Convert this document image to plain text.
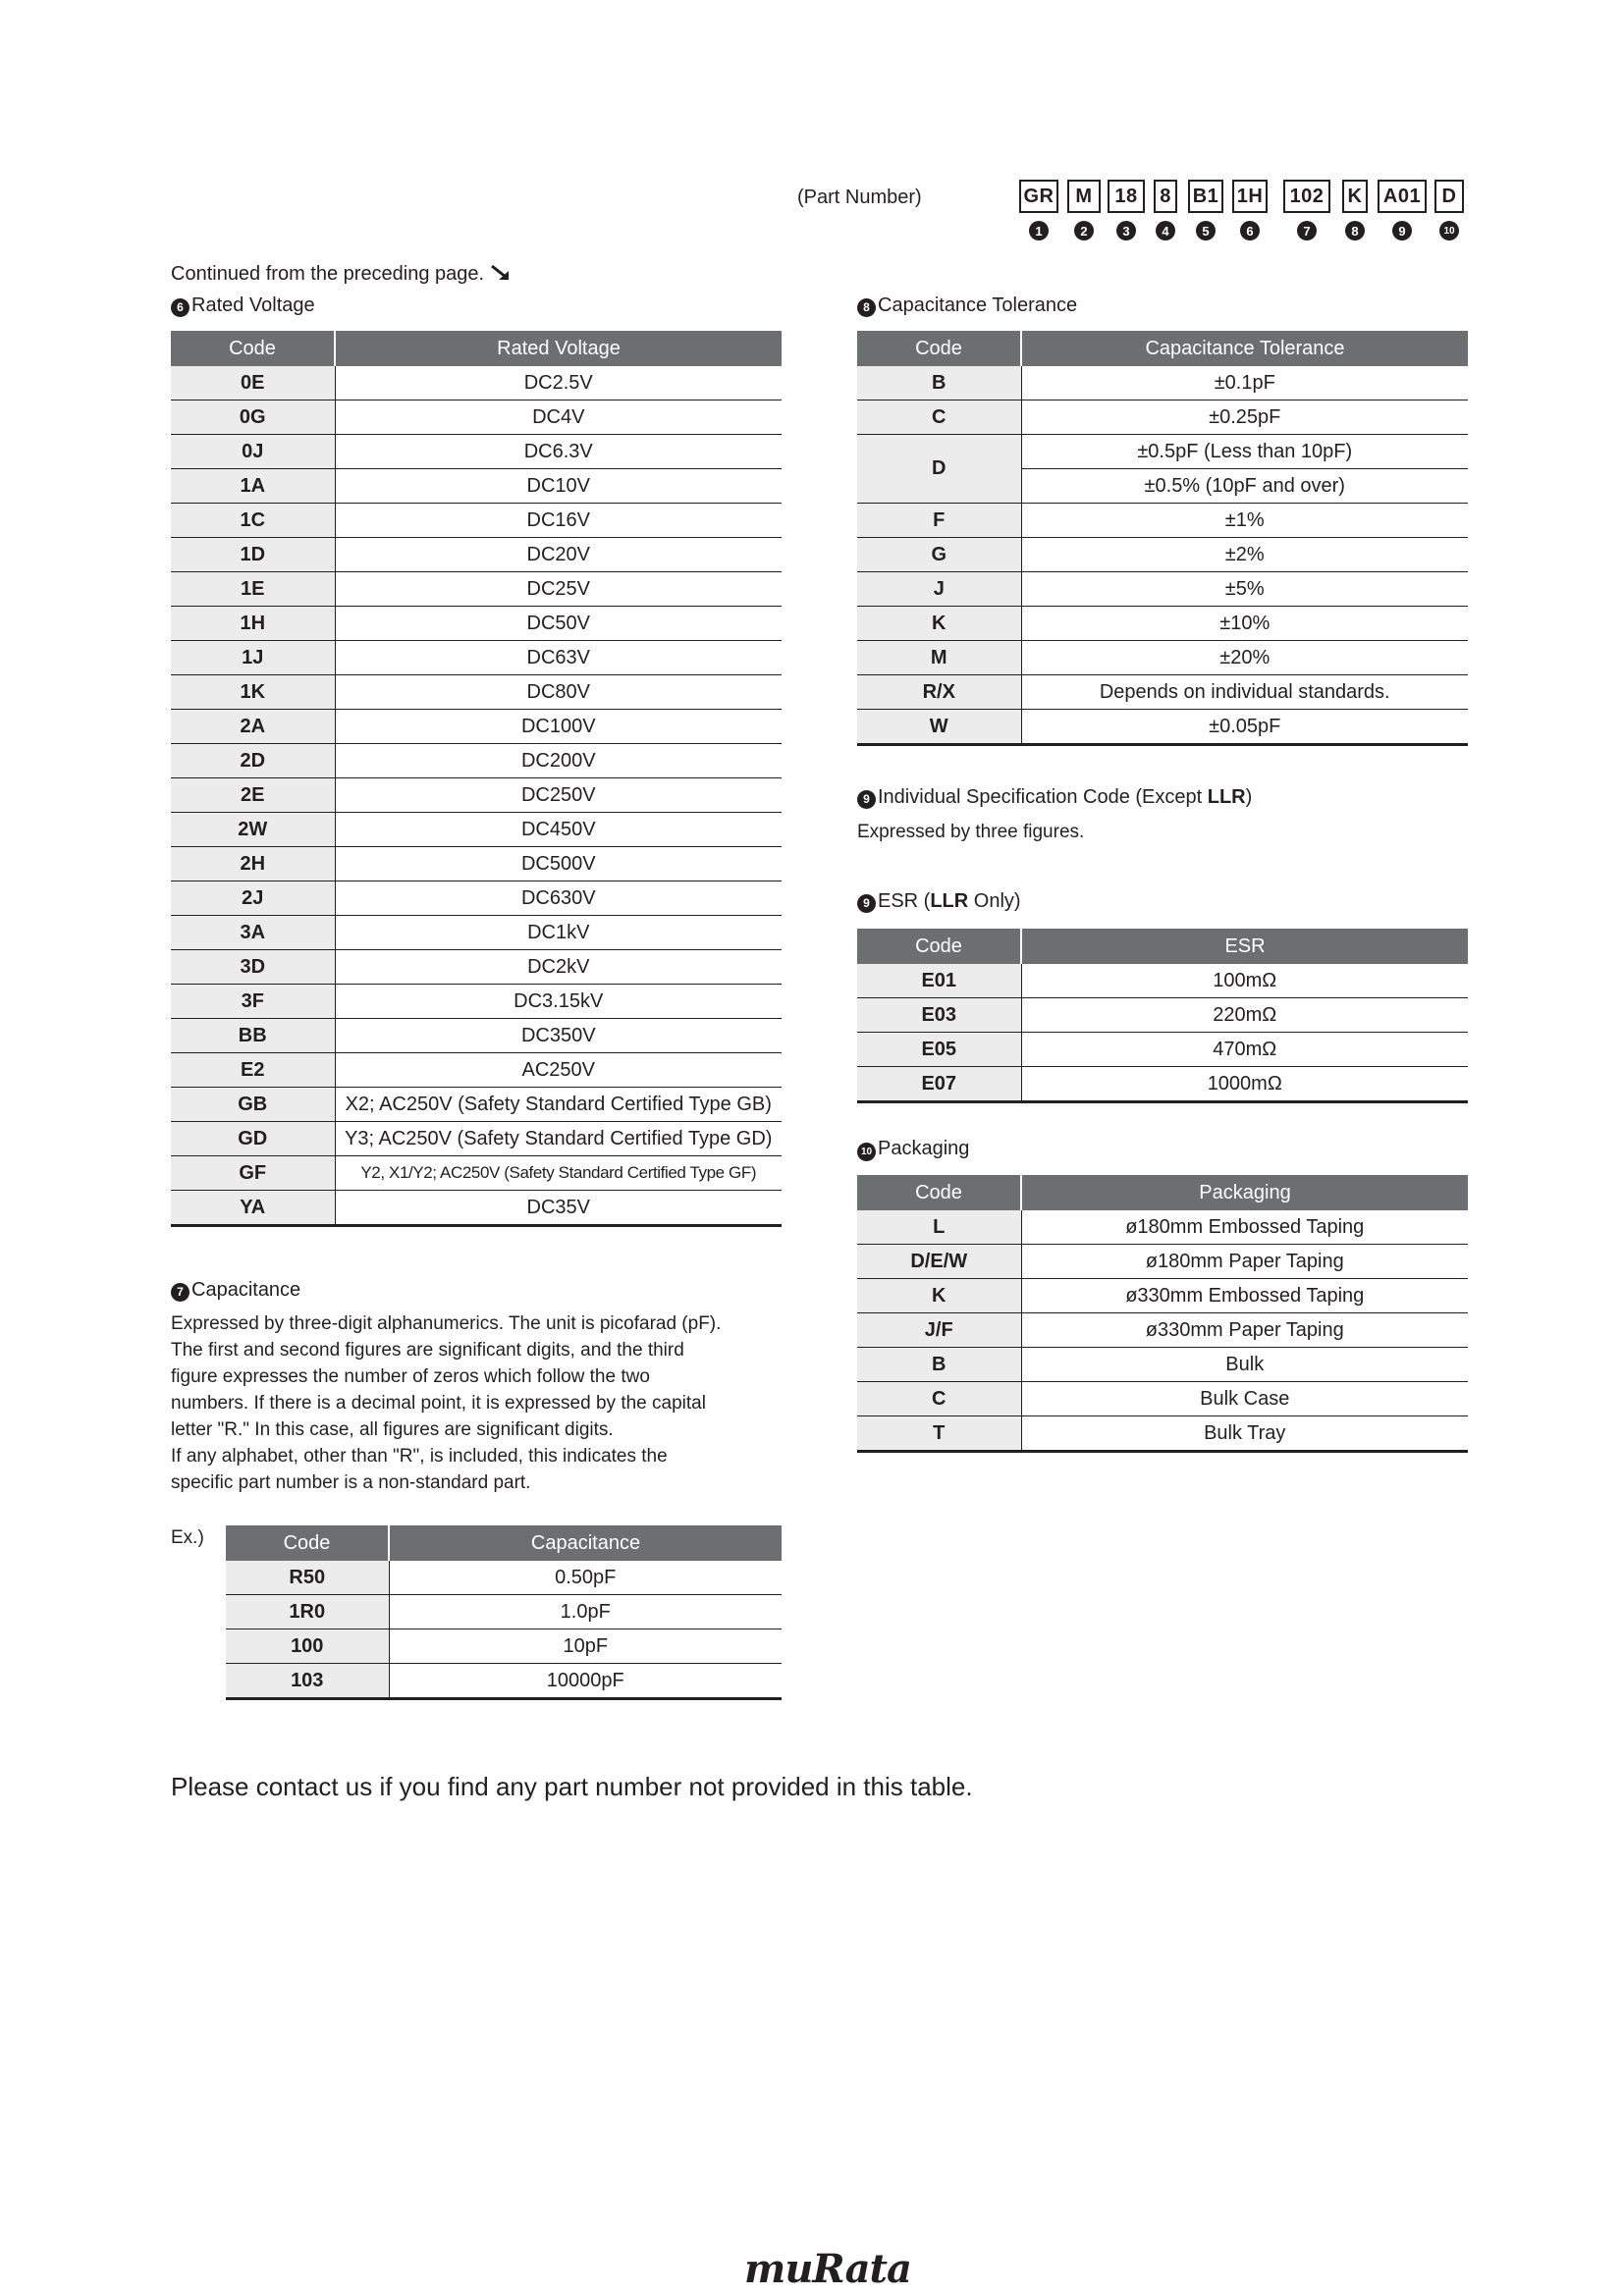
(Part Number)	GR
1
M
2
18
3
8
4
B1
5
1H
6
102
7
K
8
A01
9
D
10
Continued from the preceding page.
6 Rated Voltage
Code	Rated Voltage
0E	DC2.5V
0G	DC4V
0J	DC6.3V
1A	DC10V
1C	DC16V
1D	DC20V
1E	DC25V
1H	DC50V
1J	DC63V
1K	DC80V
2A	DC100V
2D	DC200V
2E	DC250V
2W	DC450V
2H	DC500V
2J	DC630V
3A	DC1kV
3D	DC2kV
3F	DC3.15kV
BB	DC350V
E2	AC250V
GB	X2; AC250V (Safety Standard Certified Type GB)
GD	Y3; AC250V (Safety Standard Certified Type GD)
GF	Y2, X1/Y2; AC250V (Safety Standard Certified Type GF)
YA	DC35V
7 Capacitance
Expressed by three-digit alphanumerics. The unit is picofarad (pF).
The first and second figures are significant digits, and the third
figure expresses the number of zeros which follow the two
numbers. If there is a decimal point, it is expressed by the capital
letter "R." In this case, all figures are significant digits.
If any alphabet, other than "R", is included, this indicates the
specific part number is a non-standard part.
Ex.)	Code	Capacitance
R50	0.50pF
1R0	1.0pF
100	10pF
103	10000pF
8 Capacitance Tolerance
Code	Capacitance Tolerance
B	±0.1pF
C	±0.25pF
D	±0.5pF (Less than 10pF)
	±0.5% (10pF and over)
F	±1%
G	±2%
J	±5%
K	±10%
M	±20%
R/X	Depends on individual standards.
W	±0.05pF
9 Individual Specification Code (Except LLR)
Expressed by three figures.
9 ESR (LLR Only)
Code	ESR
E01	100mΩ
E03	220mΩ
E05	470mΩ
E07	1000mΩ
10 Packaging
Code	Packaging
L	ø180mm Embossed Taping
D/E/W	ø180mm Paper Taping
K	ø330mm Embossed Taping
J/F	ø330mm Paper Taping
B	Bulk
C	Bulk Case
T	Bulk Tray
Please contact us if you find any part number not provided in this table.
muRata
